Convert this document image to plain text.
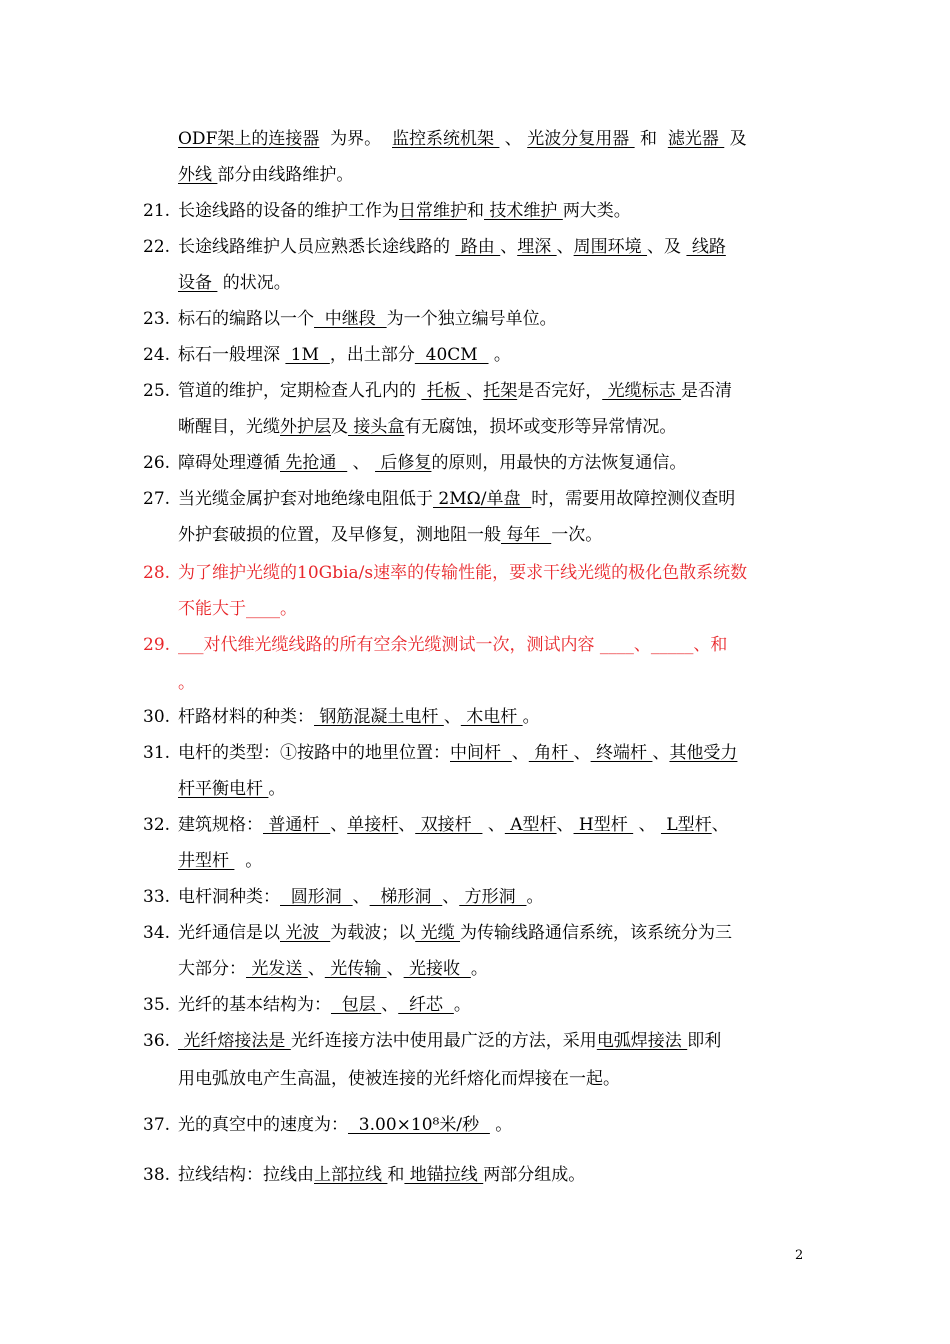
ODF架上的连接器  为界。  监控系统机架  、 光波分复用器  和  滤光器  及
外线 部分由线路维护。
21. 长途线路的设备的维护工作为日常维护和 技术维护 两大类。
22. 长途线路维护人员应熟悉长途线路的  路由 、埋深 、周围环境 、及  线路
设备  的状况。
23. 标石的编路以一个  中继段  为一个独立编号单位。
24. 标石一般埋深  1M  ，出土部分  40CM   。
25. 管道的维护，定期检查人孔内的  托板 、托架是否完好， 光缆标志 是否清
晰醒目，光缆外护层及 接头盒有无腐蚀，损坏或变形等异常情况。
26. 障碍处理遵循 先抢通   、  后修复的原则，用最快的方法恢复通信。
27. 当光缆金属护套对地绝缘电阻低于 2MΩ/单盘  时，需要用故障控测仪查明
外护套破损的位置，及早修复，测地阻一般 每年  一次。
28. 为了维护光缆的10Gbia/s速率的传输性能，要求干线光缆的极化色散系统数
不能大于____。
29. ___对代维光缆线路的所有空余光缆测试一次，测试内容 ____、_____、和
。
30. 杆路材料的种类： 钢筋混凝土电杆 、 木电杆 。
31. 电杆的类型：①按路中的地里位置：中间杆  、 角杆 、 终端杆 、其他受力
杆平衡电杆 。
32. 建筑规格： 普通杆  、单接杆、 双接杆   、 A型杆、 H型杆  、  L型杆、
井型杆   。
33. 电杆洞种类：  圆形洞  、  梯形洞  、 方形洞  。
34. 光纤通信是以 光波  为载波；以 光缆 为传输线路通信系统，该系统分为三
大部分： 光发送 、 光传输 、 光接收  。
35. 光纤的基本结构为：  包层 、  纤芯  。
36. 光纤熔接法是 光纤连接方法中使用最广泛的方法，采用电弧焊接法 即利
用电弧放电产生高温，使被连接的光纤熔化而焊接在一起。
37. 光的真空中的速度为：  3.00×10⁸米/秒   。
38. 拉线结构：拉线由上部拉线 和 地锚拉线 两部分组成。
2
